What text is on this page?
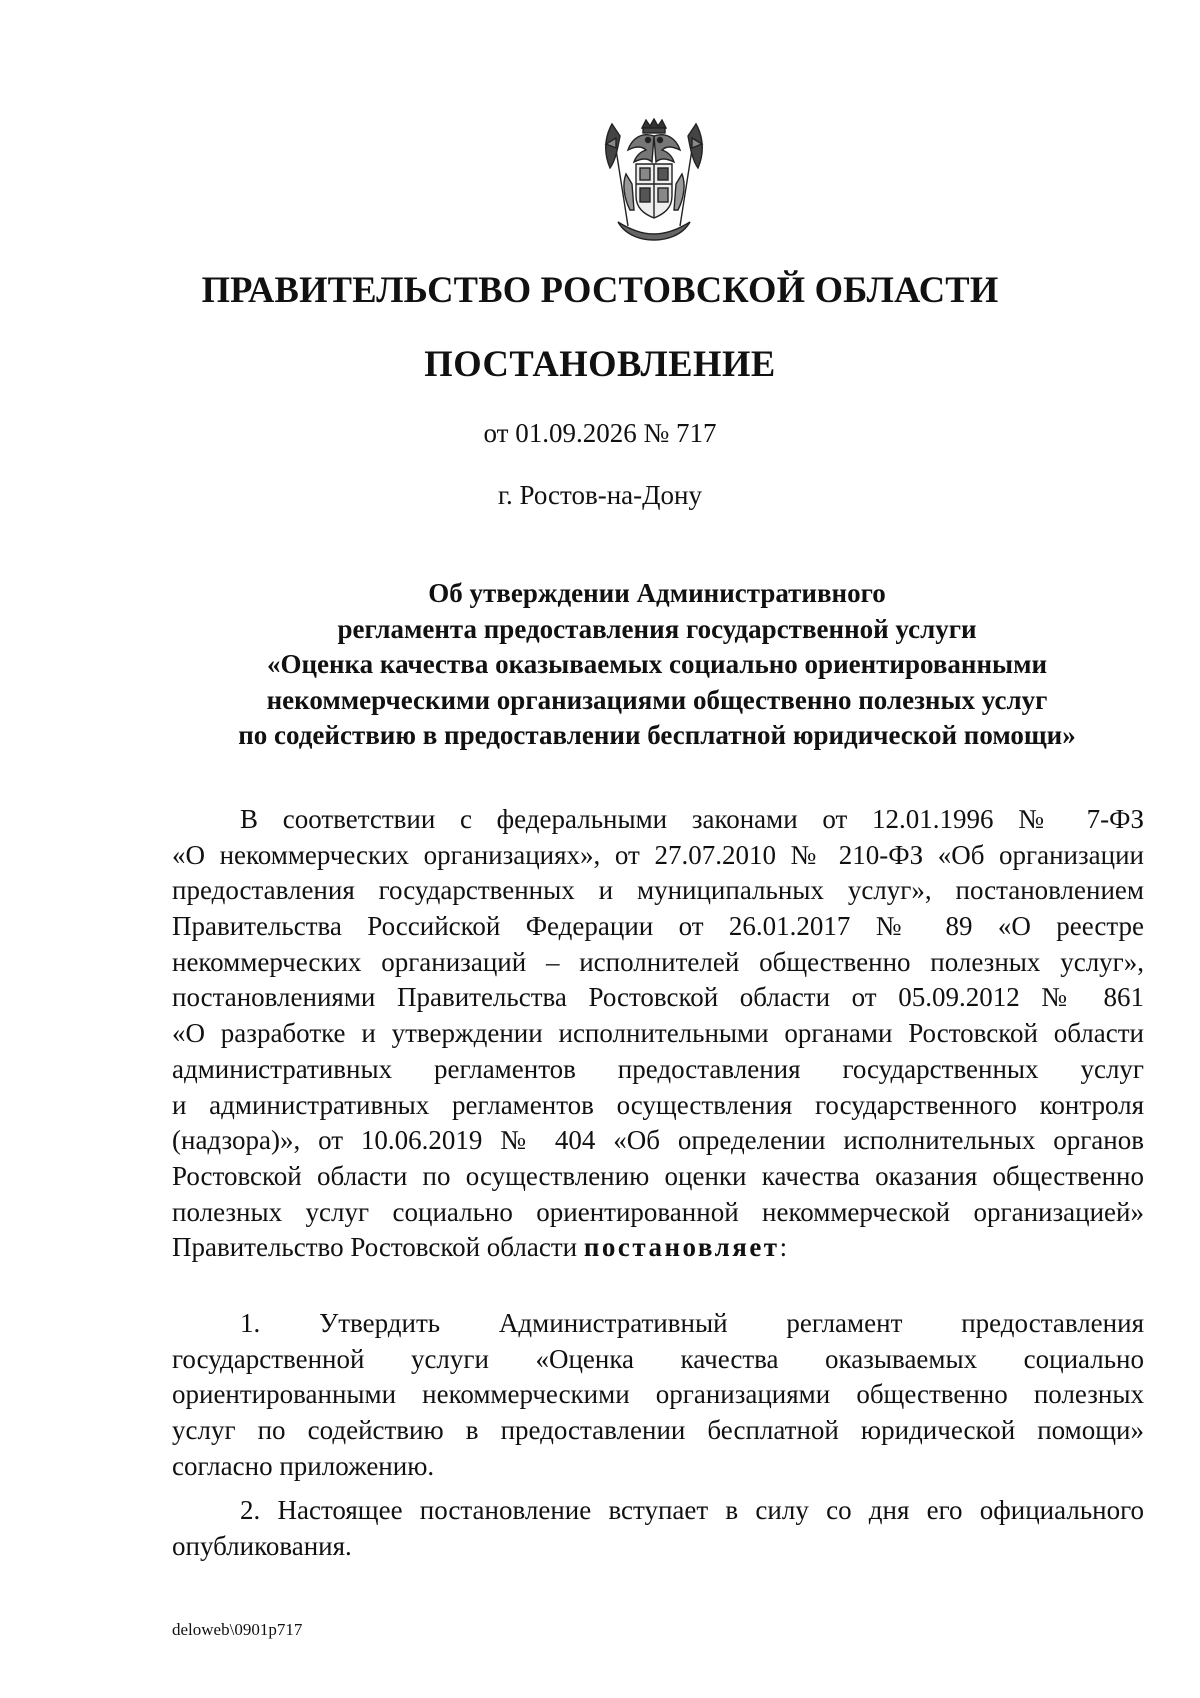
ПРАВИТЕЛЬСТВО РОСТОВСКОЙ ОБЛАСТИ
ПОСТАНОВЛЕНИЕ
от 01.09.2026 № 717
г. Ростов-на-Дону
Об утверждении Административного
регламента предоставления государственной услуги
«Оценка качества оказываемых социально ориентированными
некоммерческими организациями общественно полезных услуг
по содействию в предоставлении бесплатной юридической помощи»
В соответствии с федеральными законами от 12.01.1996 № 7-ФЗ
«О некоммерческих организациях», от 27.07.2010 № 210-ФЗ «Об организации
предоставления государственных и муниципальных услуг», постановлением
Правительства Российской Федерации от 26.01.2017 № 89 «О реестре
некоммерческих организаций – исполнителей общественно полезных услуг»,
постановлениями Правительства Ростовской области от 05.09.2012 № 861
«О разработке и утверждении исполнительными органами Ростовской области
административных регламентов предоставления государственных услуг
и административных регламентов осуществления государственного контроля
(надзора)», от 10.06.2019 № 404 «Об определении исполнительных органов
Ростовской области по осуществлению оценки качества оказания общественно
полезных услуг социально ориентированной некоммерческой организацией»
Правительство Ростовской области постановляет:
1. Утвердить Административный регламент предоставления
государственной услуги «Оценка качества оказываемых социально
ориентированными некоммерческими организациями общественно полезных
услуг по содействию в предоставлении бесплатной юридической помощи»
согласно приложению.
2. Настоящее постановление вступает в силу со дня его официального
опубликования.
deloweb\0901p717
